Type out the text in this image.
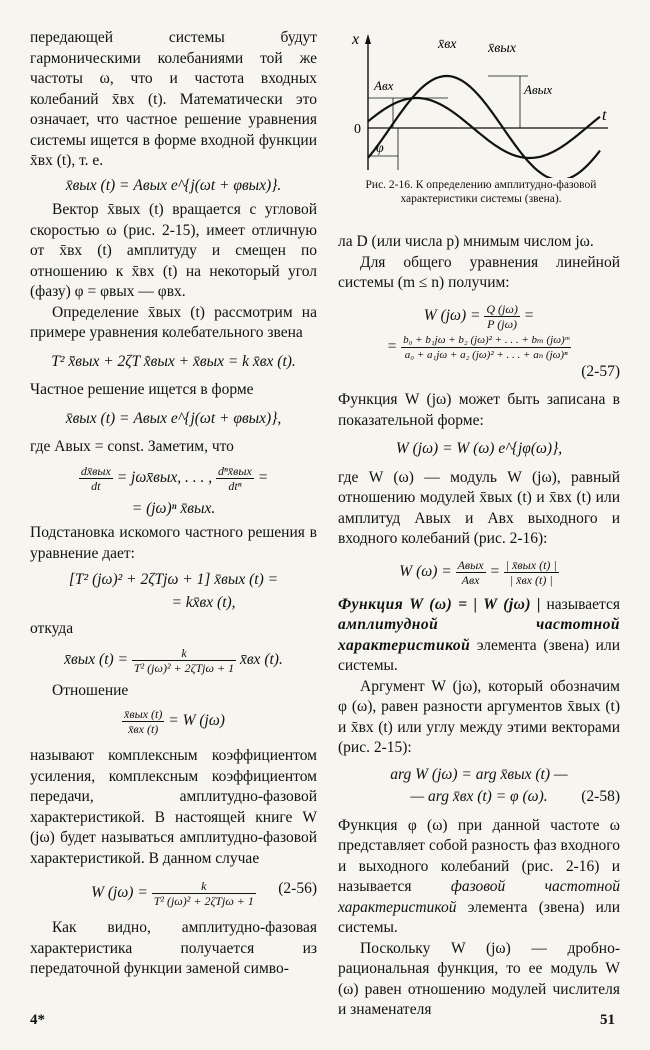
передающей системы будут гармоническими колебаниями той же частоты ω, что и частота входных колебаний x̄вх (t). Математически это означает, что частное решение уравнения системы ищется в форме входной функции x̄вх (t), т. е.

x̄вых (t) = Aвых e^{j(ωt + φвых)}.

Вектор x̄вых (t) вращается с угловой скоростью ω (рис. 2-15), имеет отличную от x̄вх (t) амплитуду и смещен по отношению к x̄вх (t) на некоторый угол (фазу) φ = φвых — φвх.

Определение x̄вых (t) рассмотрим на примере уравнения колебательного звена

T² x̄̈вых + 2ζT x̄̇вых + x̄вых = k x̄вх (t).

Частное решение ищется в форме

x̄вых (t) = Aвых e^{j(ωt + φвых)},

где Aвых = const. Заметим, что

$\frac{\text{dx̄вых}}{dt}$ = jωx̄вых, . . . , $\frac{\text{dⁿx̄вых}}{\text{dtⁿ}}$ =
= (jω)ⁿ x̄вых.

Подстановка искомого частного решения в уравнение дает:

[T² (jω)² + 2ζTjω + 1] x̄вых (t) =
= kx̄вх (t),

откуда

x̄вых $(t) = \frac{k}{\text{T² (jω)² + 2ζTjω + 1}}$ x̄вх (t).

Отношение

$\frac{\text{x̄вых (t)}}{x̄вх (t)} = W$ (jω)

называют комплексным коэффициентом усиления, комплексным коэффициентом передачи, амплитудно-фазовой характеристикой. В настоящей книге W (jω) будет называться амплитудно-фазовой характеристикой. В данном случае

W $(j\omega) = \frac{k}{\text{T² (jω)² + 2ζTjω + 1}} (2-56)$

Как видно, амплитудно-фазовая характеристика получается из передаточной функции заменой симво-

x
t
0
x̄вх x̄вых
Aвх	Aвых
φ
Рис. 2-16. К определению амплитудно-фазовой характеристики системы (звена).

ла D (или числа p) мнимым числом jω.

Для общего уравнения линейной системы (m ≤ n) получим:

W $(j\omega) = \frac{Q (j\omega)}{P (j\omega)}$ =
= $\frac{\text{b₀ + b₁jω + b₂ (jω)² + . . . + bₘ (jω)ᵐ}}{\text{a₀ + a₁jω + a₂ (jω)² + . . . + aₙ (jω)ⁿ}}$
(2-57)

Функция W (jω) может быть записана в показательной форме:

W (jω) = W (ω) e^{jφ(ω)},

где W (ω) — модуль W (jω), равный отношению модулей x̄вых (t) и x̄вх (t) или амплитуд Aвых и Aвх выходного и входного колебаний (рис. 2-16):

W $(\omega) = \frac{\text{Aвых}}{\text{Aвх}} = \frac{\text{| x̄вых (t) |}}{| x̄вх (t) |}$

Функция W (ω) = | W (jω) | называется амплитудной частотной характеристикой элемента (звена) или системы.

Аргумент W (jω), который обозначим φ (ω), равен разности аргументов x̄вых (t) и x̄вх (t) или углу между этими векторами (рис. 2-15):

arg W (jω) = arg x̄вых (t) —
— arg x̄вх (t) = φ (ω). (2-58)

Функция φ (ω) при данной частоте ω представляет собой разность фаз входного и выходного колебаний (рис. 2-16) и называется фазовой частотной характеристикой элемента (звена) или системы.

Поскольку W (jω) — дробно-рациональная функция, то ее модуль W (ω) равен отношению модулей числителя и знаменателя

4*	51
